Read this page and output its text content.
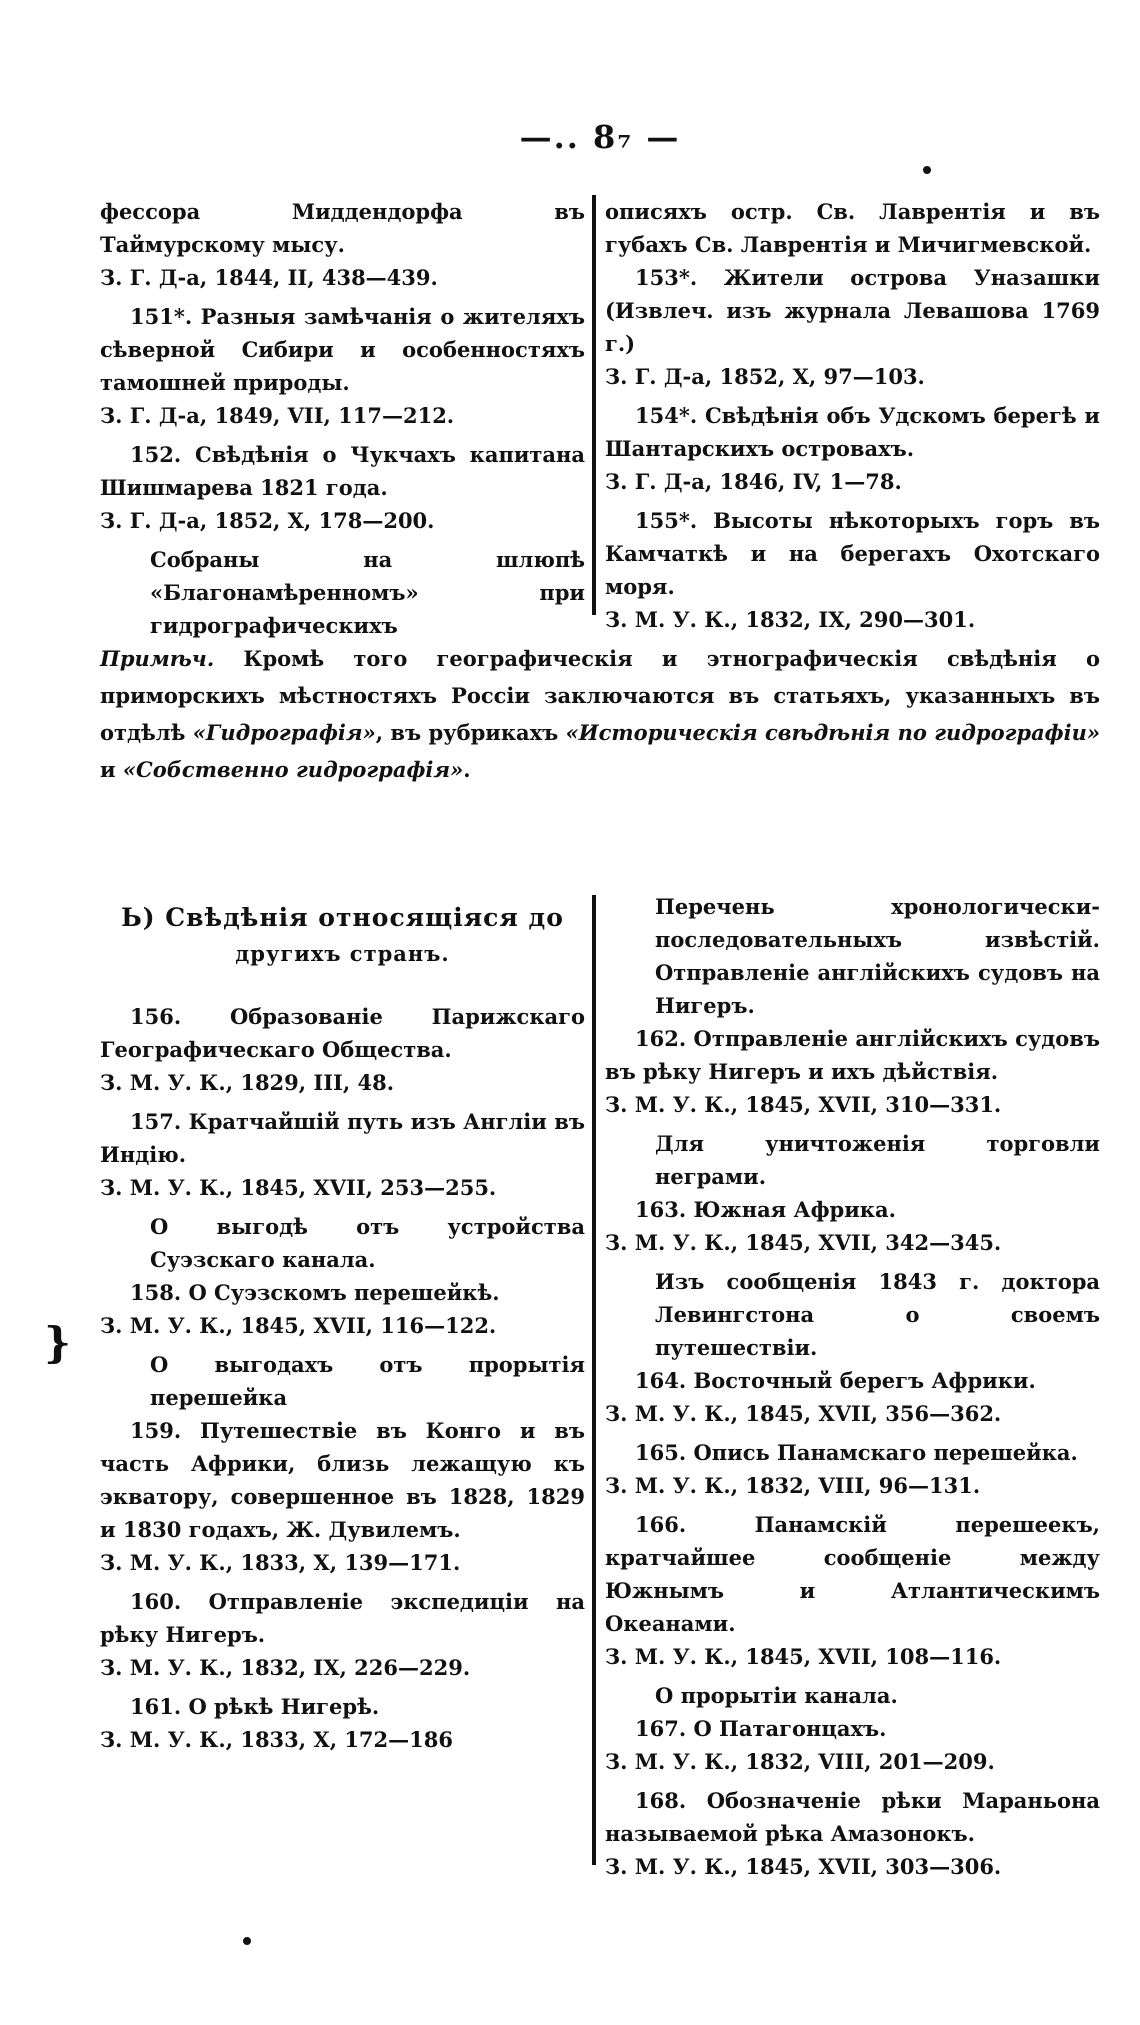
—.. 8₇ —

фессора Миддендорфа въ Таймурскому мысу.

З. Г. Д-а, 1844, II, 438—439.

151*. Разныя замѣчанія о жителяхъ сѣверной Сибири и особенностяхъ тамошней природы.

З. Г. Д-а, 1849, VII, 117—212.

152. Свѣдѣнія о Чукчахъ капитана Шишмарева 1821 года.

З. Г. Д-а, 1852, X, 178—200.

Собраны на шлюпѣ «Благонамѣренномъ» при гидрографическихъ

описяхъ остр. Св. Лаврентія и въ губахъ Св. Лаврентія и Мичигмевской.

153*. Жители острова Уназашки (Извлеч. изъ журнала Левашова 1769 г.)

З. Г. Д-а, 1852, X, 97—103.

154*. Свѣдѣнія объ Удскомъ берегѣ и Шантарскихъ островахъ.

З. Г. Д-а, 1846, IV, 1—78.

155*. Высоты нѣкоторыхъ горъ въ Камчаткѣ и на берегахъ Охотскаго моря.

З. М. У. К., 1832, IX, 290—301.

Примѣч. Кромѣ того географическія и этнографическія свѣдѣнія о приморскихъ мѣстностяхъ Россіи заключаются въ статьяхъ, указанныхъ въ отдѣлѣ «Гидрографія», въ рубрикахъ «Историческія свѣдѣнія по гидрографіи» и «Собственно гидрографія».
Ь) Свѣдѣнія относящіяся до
другихъ странъ.

156. Образованіе Парижскаго Географическаго Общества.

З. М. У. К., 1829, III, 48.

157. Кратчайшій путь изъ Англіи въ Индію.

З. М. У. К., 1845, XVII, 253—255.

О выгодѣ отъ устройства Суэзскаго канала.

158. О Суэзскомъ перешейкѣ.

З. М. У. К., 1845, XVII, 116—122.

О выгодахъ отъ прорытія перешейка

159. Путешествіе въ Конго и въ часть Африки, близь лежащую къ экватору, совершенное въ 1828, 1829 и 1830 годахъ, Ж. Дувилемъ.

З. М. У. К., 1833, X, 139—171.

160. Отправленіе экспедиціи на рѣку Нигеръ.

З. М. У. К., 1832, IX, 226—229.

161. О рѣкѣ Нигерѣ.

З. М. У. К., 1833, X, 172—186

Перечень хронологически-последовательныхъ извѣстій. Отправленіе англійскихъ судовъ на Нигеръ.

162. Отправленіе англійскихъ судовъ въ рѣку Нигеръ и ихъ дѣйствія.

З. М. У. К., 1845, XVII, 310—331.

Для уничтоженія торговли неграми.

163. Южная Африка.

З. М. У. К., 1845, XVII, 342—345.

Изъ сообщенія 1843 г. доктора Левингстона о своемъ путешествіи.

164. Восточный берегъ Африки.

З. М. У. К., 1845, XVII, 356—362.

165. Опись Панамскаго перешейка.

З. М. У. К., 1832, VIII, 96—131.

166. Панамскій перешеекъ, кратчайшее сообщеніе между Южнымъ и Атлантическимъ Океанами.

З. М. У. К., 1845, XVII, 108—116.

О прорытіи канала.

167. О Патагонцахъ.

З. М. У. К., 1832, VIII, 201—209.

168. Обозначеніе рѣки Мараньона называемой рѣка Амазонокъ.

З. М. У. К., 1845, XVII, 303—306.

}
